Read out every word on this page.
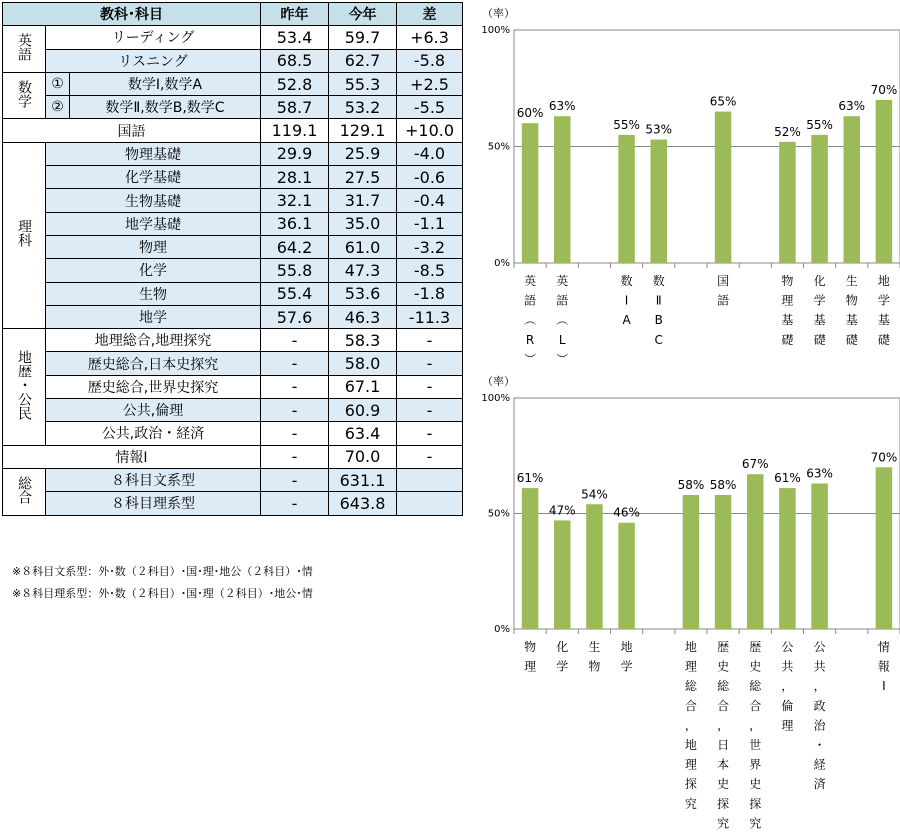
教科･科目			昨年	今年	差
英語	リーディング		53.4	59.7	+6.3
	リスニング		68.5	62.7	-5.8
数学	①	数学Ⅰ,数学A	52.8	55.3	+2.5
	②	数学Ⅱ,数学B,数学C	58.7	53.2	-5.5
国語			119.1	129.1	+10.0
理科	物理基礎		29.9	25.9	-4.0
	化学基礎		28.1	27.5	-0.6
	生物基礎		32.1	31.7	-0.4
	地学基礎		36.1	35.0	-1.1
	物理		64.2	61.0	-3.2
	化学		55.8	47.3	-8.5
	生物		55.4	53.6	-1.8
	地学		57.6	46.3	-11.3
地歴・公民	地理総合,地理探究		-	58.3	-
	歴史総合,日本史探究		-	58.0	-
	歴史総合,世界史探究		-	67.1	-
	公共,倫理		-	60.9	-
	公共,政治・経済		-	63.4	-
情報Ⅰ			-	70.0	-
総合	８科目文系型		-	631.1	
	８科目理系型		-	643.8	
※８科目文系型：外･数（２科目）･国･理･地公（２科目）･情
※８科目理系型：外･数（２科目）･国･理（２科目）･地公･情
（率）
0%
50%
100%
60%
英語︵ R ︶
63%
英語︵ L ︶
55%
数 Ⅰ A
53%
数 Ⅱ B C
65%
国語
52%
物理基礎
55%
化学基礎
63%
生物基礎
70%
地学基礎
（率）
0%
50%
100%
61%
物理
47%
化学
54%
生物
46%
地学
58%
地理総合，地理探究
58%
歴史総合，日本史探究
67%
歴史総合，世界史探究
61%
公共，倫理
63%
公共，政治・経済
70%
情報 Ⅰ
